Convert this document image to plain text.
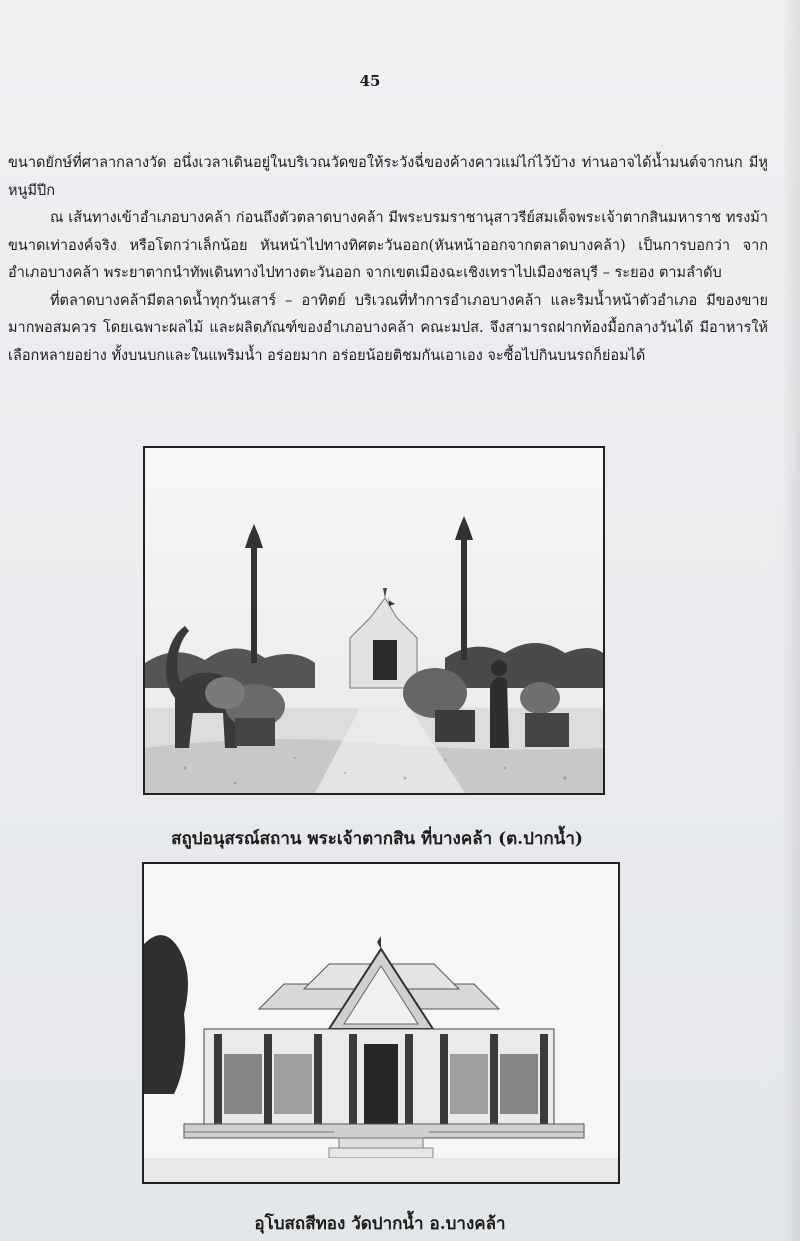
45

ขนาดยักษ์ที่ศาลากลางวัด อนึ่งเวลาเดินอยู่ในบริเวณวัดขอให้ระวังฉี่ของค้างคาวแม่ไก่ไว้บ้าง ท่านอาจได้น้ำมนต์จากนก มีหู หนูมีปีก

ณ เส้นทางเข้าอำเภอบางคล้า ก่อนถึงตัวตลาดบางคล้า มีพระบรมราชานุสาวรีย์สมเด็จพระเจ้าตากสินมหาราช ทรงม้า ขนาดเท่าองค์จริง หรือโตกว่าเล็กน้อย หันหน้าไปทางทิศตะวันออก(หันหน้าออกจากตลาดบางคล้า) เป็นการบอกว่า จากอำเภอบางคล้า พระยาตากนำทัพเดินทางไปทางตะวันออก จากเขตเมืองฉะเชิงเทราไปเมืองชลบุรี – ระยอง ตามลำดับ

ที่ตลาดบางคล้ามีตลาดน้ำทุกวันเสาร์ – อาทิตย์ บริเวณที่ทำการอำเภอบางคล้า และริมน้ำหน้าตัวอำเภอ มีของขายมากพอสมควร โดยเฉพาะผลไม้ และผลิตภัณฑ์ของอำเภอบางคล้า คณะมปส. จึงสามารถฝากท้องมื้อกลางวันได้ มีอาหารให้เลือกหลายอย่าง ทั้งบนบกและในแพริมน้ำ อร่อยมาก อร่อยน้อยติชมกันเอาเอง จะซื้อไปกินบนรถก็ย่อมได้

สถูปอนุสรณ์สถาน พระเจ้าตากสิน ที่บางคล้า (ต.ปากน้ำ)
อุโบสถสีทอง วัดปากน้ำ อ.บางคล้า
